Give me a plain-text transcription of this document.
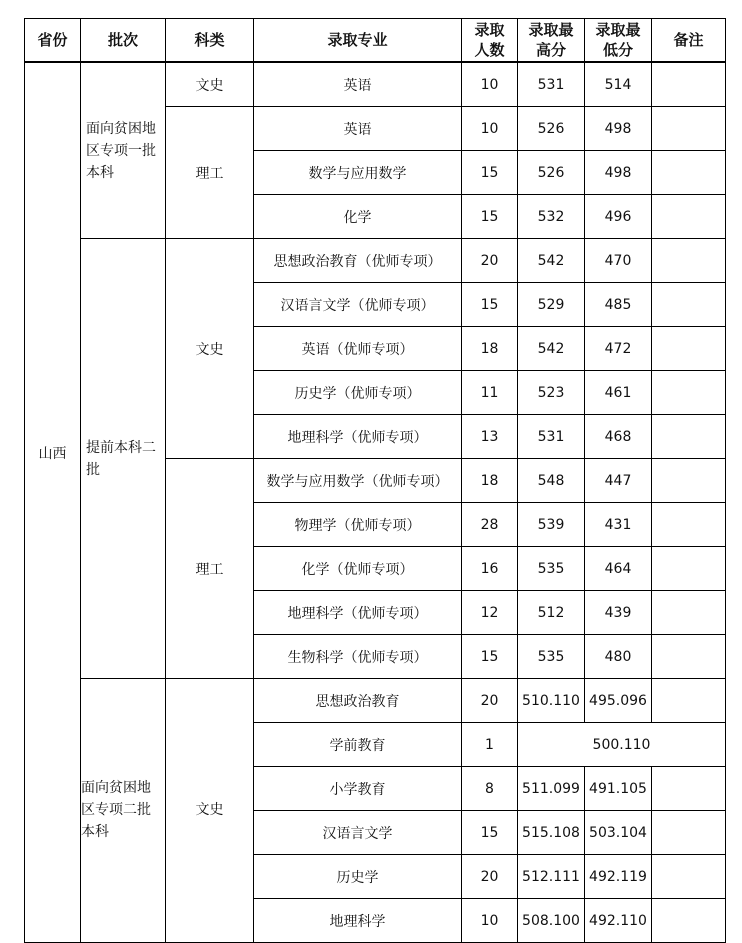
省份	批次	科类	录取专业	录取人数	录取最高分	录取最低分	备注

山西	面向贫困地区专项一批本科	文史	英语	10	531	514	
		理工	英语	10	526	498	
			数学与应用数学	15	526	498	
			化学	15	532	496	
	提前本科二批	文史	思想政治教育（优师专项）	20	542	470	
			汉语言文学（优师专项）	15	529	485	
			英语（优师专项）	18	542	472	
			历史学（优师专项）	11	523	461	
			地理科学（优师专项）	13	531	468	
		理工	数学与应用数学（优师专项）	18	548	447	
			物理学（优师专项）	28	539	431	
			化学（优师专项）	16	535	464	
			地理科学（优师专项）	12	512	439	
			生物科学（优师专项）	15	535	480	

	面向贫困地区专项二批本科	文史	思想政治教育	20	510.110	495.096	
			学前教育	1	500.110		
			小学教育	8	511.099	491.105	
			汉语言文学	15	515.108	503.104	
			历史学	20	512.111	492.119	
			地理科学	10	508.100	492.110	
